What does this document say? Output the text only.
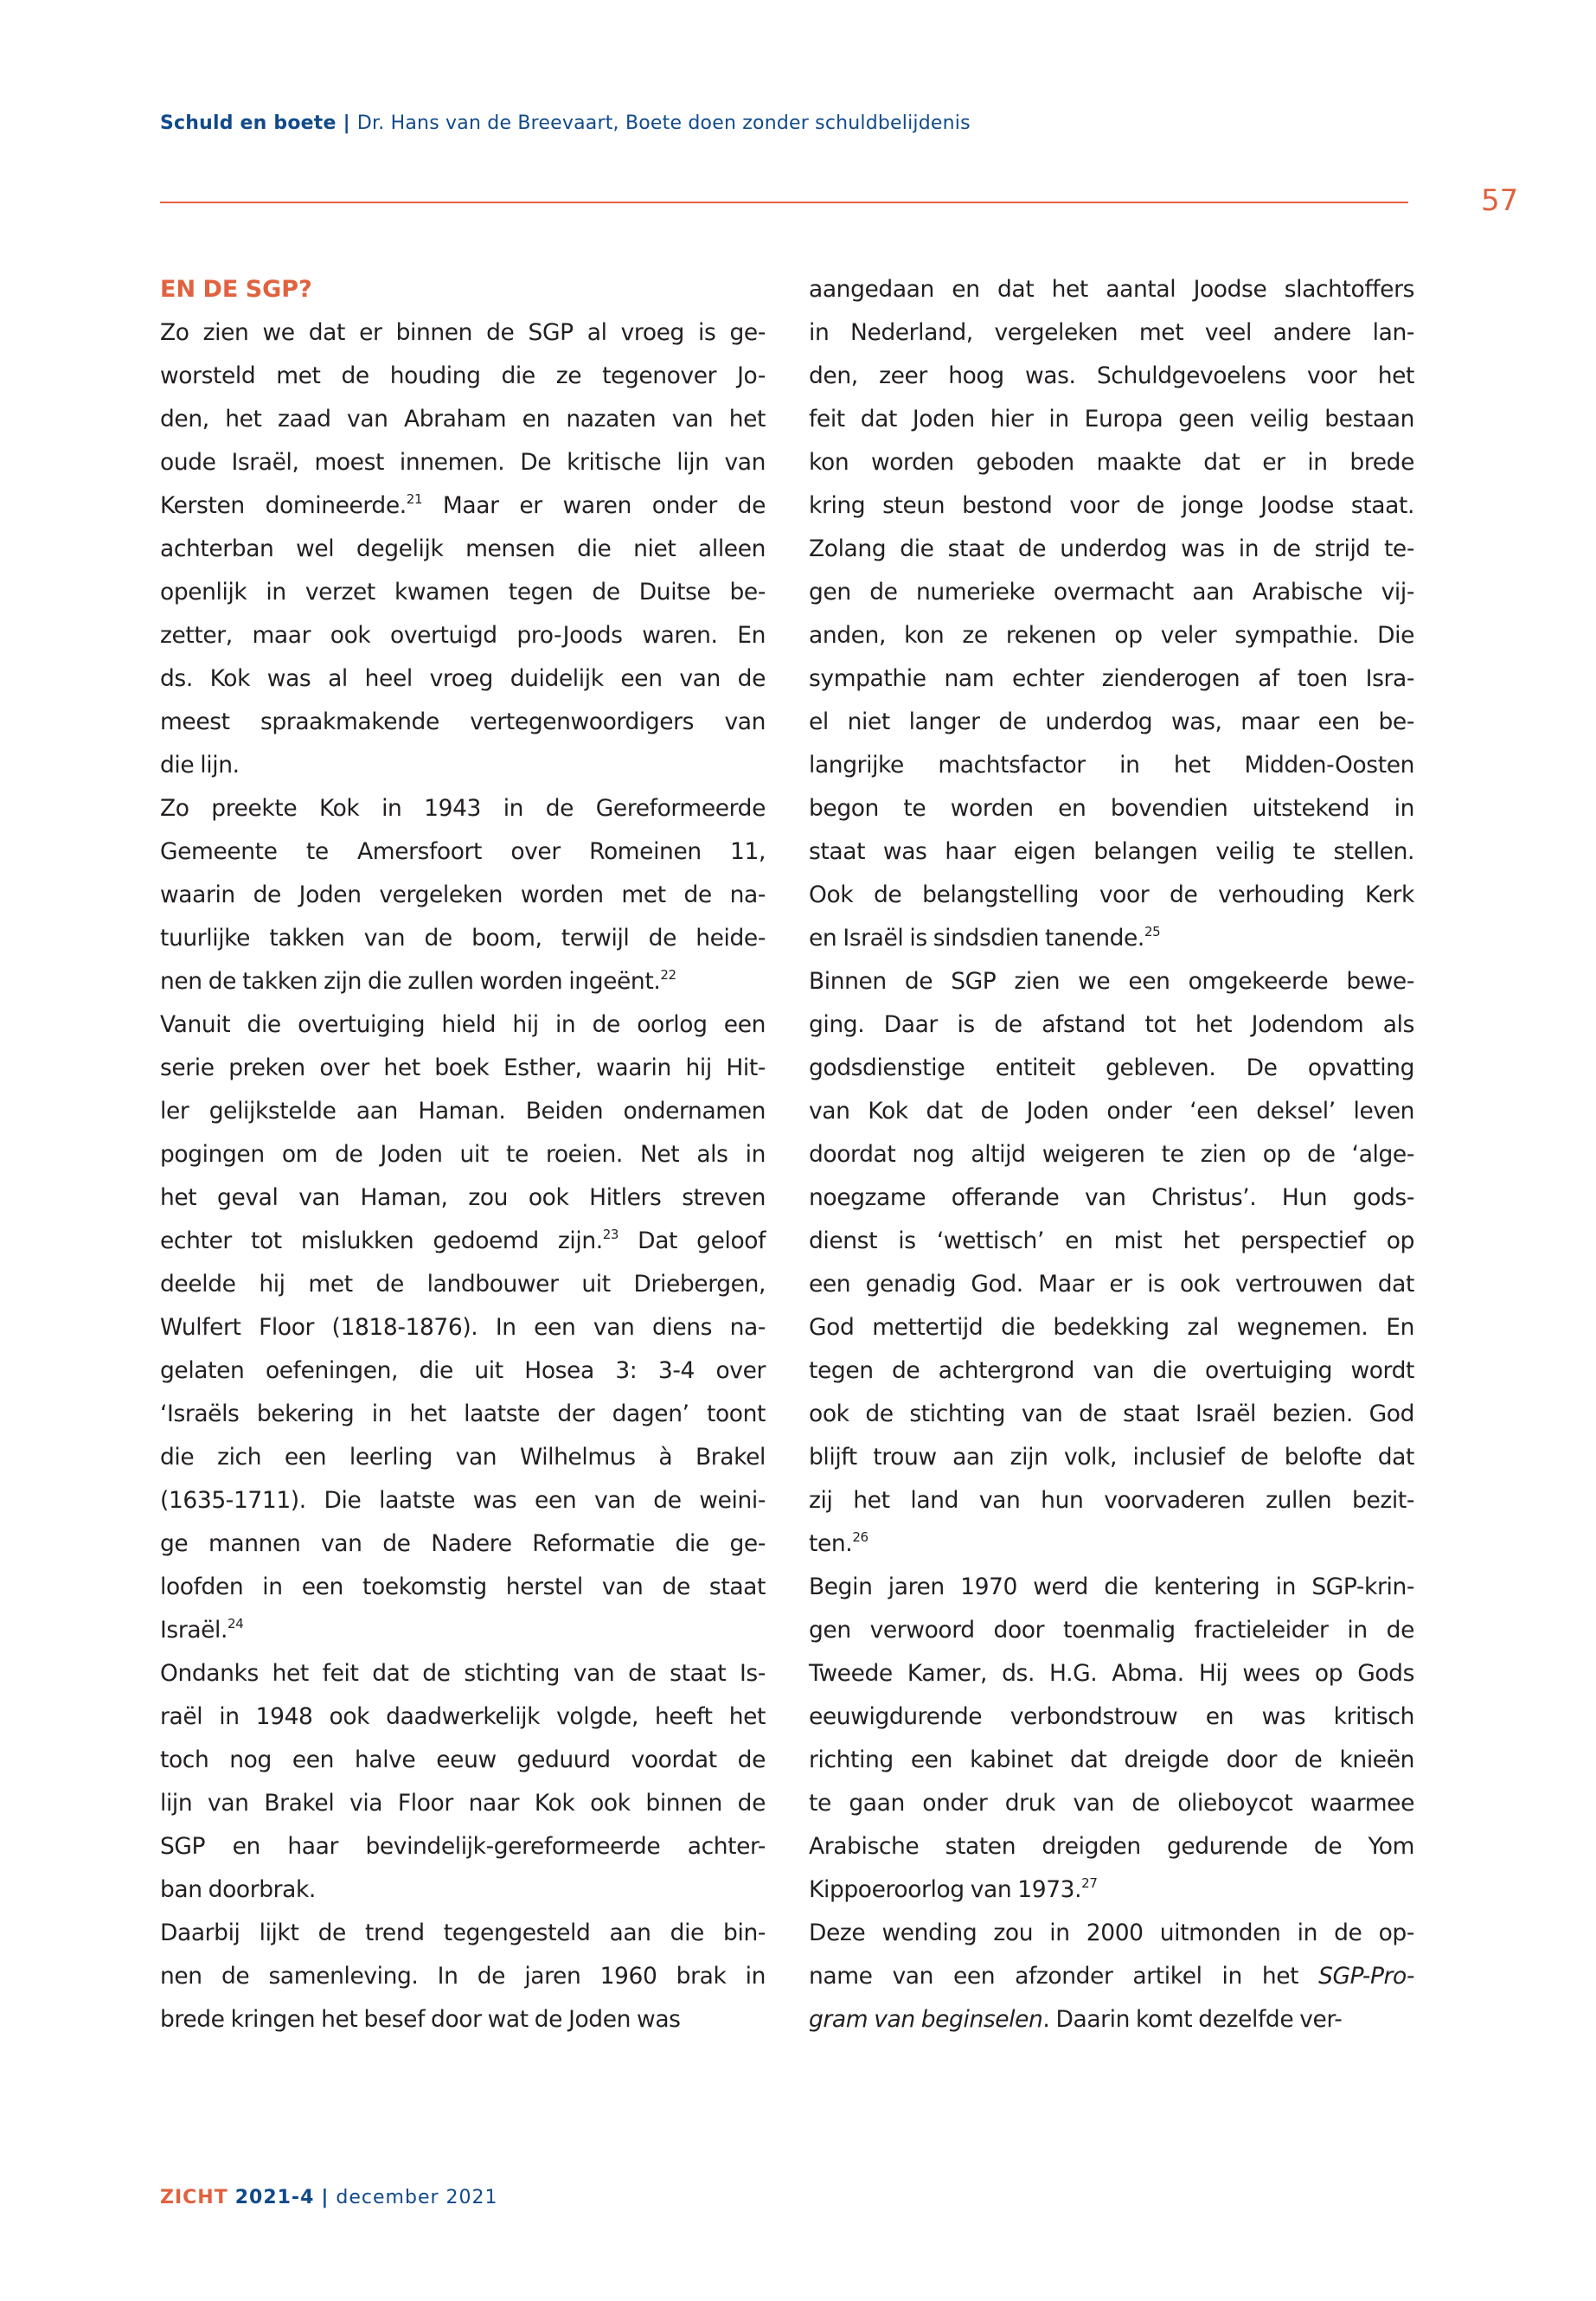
Schuld en boete | Dr. Hans van de Breevaart, Boete doen zonder schuldbelijdenis
57
EN DE SGP?
Zo zien we dat er binnen de SGP al vroeg is ge-
worsteld met de houding die ze tegenover Jo-
den, het zaad van Abraham en nazaten van het
oude Israël, moest innemen. De kritische lijn van
Kersten domineerde.$^{21}$ Maar er waren onder de
achterban wel degelijk mensen die niet alleen
openlijk in verzet kwamen tegen de Duitse be-
zetter, maar ook overtuigd pro-Joods waren. En
ds. Kok was al heel vroeg duidelijk een van de
meest spraakmakende vertegenwoordigers van
die lijn.
Zo preekte Kok in 1943 in de Gereformeerde
Gemeente te Amersfoort over Romeinen 11,
waarin de Joden vergeleken worden met de na-
tuurlijke takken van de boom, terwijl de heide-
nen de takken zijn die zullen worden ingeënt.$^{22}$
Vanuit die overtuiging hield hij in de oorlog een
serie preken over het boek Esther, waarin hij Hit-
ler gelijkstelde aan Haman. Beiden ondernamen
pogingen om de Joden uit te roeien. Net als in
het geval van Haman, zou ook Hitlers streven
echter tot mislukken gedoemd zijn.$^{23}$ Dat geloof
deelde hij met de landbouwer uit Driebergen,
Wulfert Floor (1818-1876). In een van diens na-
gelaten oefeningen, die uit Hosea 3: 3-4 over
‘Israëls bekering in het laatste der dagen’ toont
die zich een leerling van Wilhelmus à Brakel
(1635-1711). Die laatste was een van de weini-
ge mannen van de Nadere Reformatie die ge-
loofden in een toekomstig herstel van de staat
Israël.$^{24}$
Ondanks het feit dat de stichting van de staat Is-
raël in 1948 ook daadwerkelijk volgde, heeft het
toch nog een halve eeuw geduurd voordat de
lijn van Brakel via Floor naar Kok ook binnen de
SGP en haar bevindelijk-gereformeerde achter-
ban doorbrak.
Daarbij lijkt de trend tegengesteld aan die bin-
nen de samenleving. In de jaren 1960 brak in
brede kringen het besef door wat de Joden was
aangedaan en dat het aantal Joodse slachtoffers
in Nederland, vergeleken met veel andere lan-
den, zeer hoog was. Schuldgevoelens voor het
feit dat Joden hier in Europa geen veilig bestaan
kon worden geboden maakte dat er in brede
kring steun bestond voor de jonge Joodse staat.
Zolang die staat de underdog was in de strijd te-
gen de numerieke overmacht aan Arabische vij-
anden, kon ze rekenen op veler sympathie. Die
sympathie nam echter zienderogen af toen Isra-
el niet langer de underdog was, maar een be-
langrijke machtsfactor in het Midden-Oosten
begon te worden en bovendien uitstekend in
staat was haar eigen belangen veilig te stellen.
Ook de belangstelling voor de verhouding Kerk
en Israël is sindsdien tanende.$^{25}$
Binnen de SGP zien we een omgekeerde bewe-
ging. Daar is de afstand tot het Jodendom als
godsdienstige entiteit gebleven. De opvatting
van Kok dat de Joden onder ‘een deksel’ leven
doordat nog altijd weigeren te zien op de ‘alge-
noegzame offerande van Christus’. Hun gods-
dienst is ‘wettisch’ en mist het perspectief op
een genadig God. Maar er is ook vertrouwen dat
God mettertijd die bedekking zal wegnemen. En
tegen de achtergrond van die overtuiging wordt
ook de stichting van de staat Israël bezien. God
blijft trouw aan zijn volk, inclusief de belofte dat
zij het land van hun voorvaderen zullen bezit-
ten.$^{26}$
Begin jaren 1970 werd die kentering in SGP-krin-
gen verwoord door toenmalig fractieleider in de
Tweede Kamer, ds. H.G. Abma. Hij wees op Gods
eeuwigdurende verbondstrouw en was kritisch
richting een kabinet dat dreigde door de knieën
te gaan onder druk van de olieboycot waarmee
Arabische staten dreigden gedurende de Yom
Kippoeroorlog van 1973.27
Deze wending zou in 2000 uitmonden in de op-
name van een afzonder artikel in het SGP-Pro-
gram van beginselen. Daarin komt dezelfde ver-
ZICHT 2021-4 | december 2021
